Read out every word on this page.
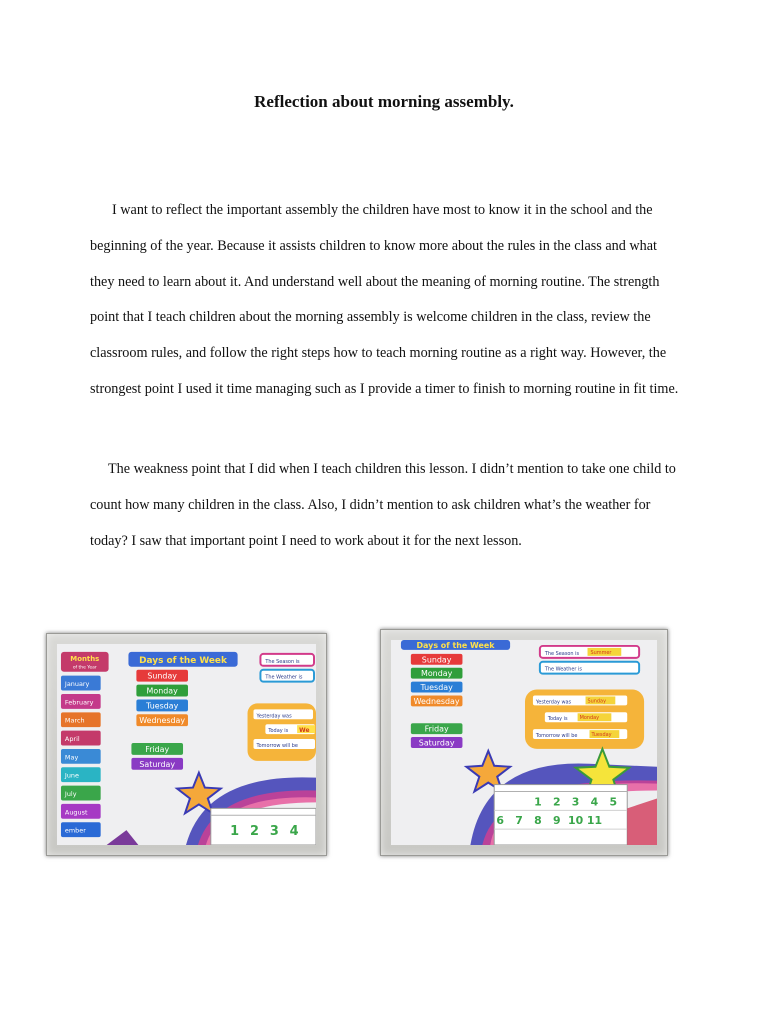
Reflection about morning assembly.

I want to reflect the important assembly the children have most to know it in the school and the beginning of the year. Because it assists children to know more about the rules in the class and what they need to learn about it. And understand well about the meaning of morning routine. The strength point that I teach children about the morning assembly is welcome children in the class, review the classroom rules, and follow the right steps how to teach morning routine as a right way. However, the strongest point I used it time managing such as I provide a timer to finish to morning routine in fit time.

The weakness point that I did when I teach children this lesson. I didn’t mention to take one child to count how many children in the class. Also, I didn’t mention to ask children what’s the weather for today? I saw that important point I need to work about it for the next lesson.

Months
of the Year
January
February
March
April
May
June
July
August
ember
Days of the Week
Sunday
Monday
Tuesday
Wednesday
Friday
Saturday
The Season is
The Weather is
Yesterday was
Today is We
Tomorrow will be
1 2 3 4
Days of the Week
Sunday
Monday
Tuesday
Wednesday
Friday
Saturday
The Season is Summer
The Weather is
Yesterday was	Sunday
Today is Monday
Tomorrow will be	Tuesday
1 2 3 4 5
6 7 8 9 10 11
